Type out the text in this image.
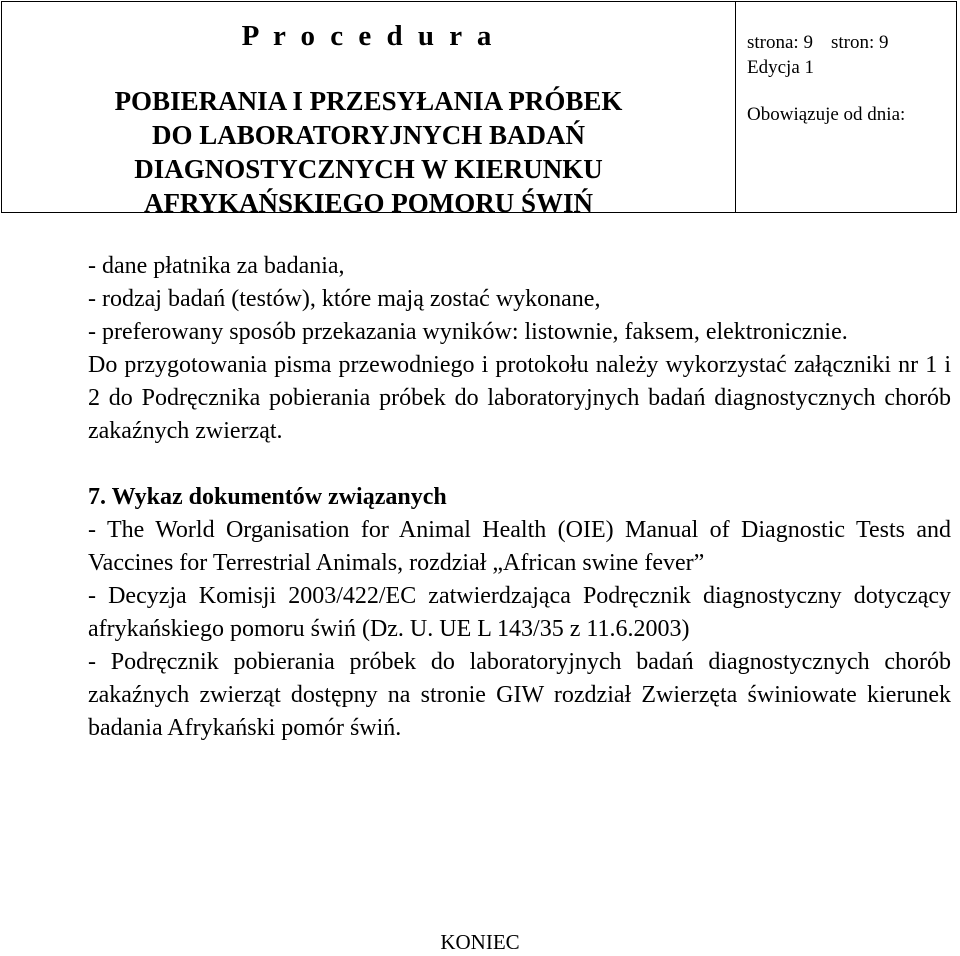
P r o c e d u r a
POBIERANIA I PRZESYŁANIA PRÓBEK
DO LABORATORYJNYCH BADAŃ
DIAGNOSTYCZNYCH W KIERUNKU
AFRYKAŃSKIEGO POMORU ŚWIŃ
strona: 9 stron: 9
Edycja 1
Obowiązuje od dnia:

- dane płatnika za badania,

- rodzaj badań (testów), które mają zostać wykonane,

- preferowany sposób przekazania wyników: listownie, faksem, elektronicznie.

Do przygotowania pisma przewodniego i protokołu należy wykorzystać załączniki nr 1 i 2 do Podręcznika pobierania próbek do laboratoryjnych badań diagnostycznych chorób zakaźnych zwierząt.

7. Wykaz dokumentów związanych

- The World Organisation for Animal Health (OIE) Manual of Diagnostic Tests and Vaccines for Terrestrial Animals, rozdział „African swine fever”

- Decyzja Komisji 2003/422/EC zatwierdzająca Podręcznik diagnostyczny dotyczący afrykańskiego pomoru świń (Dz. U. UE L 143/35 z 11.6.2003)

- Podręcznik pobierania próbek do laboratoryjnych badań diagnostycznych chorób zakaźnych zwierząt dostępny na stronie GIW rozdział Zwierzęta świniowate kierunek badania Afrykański pomór świń.

KONIEC
